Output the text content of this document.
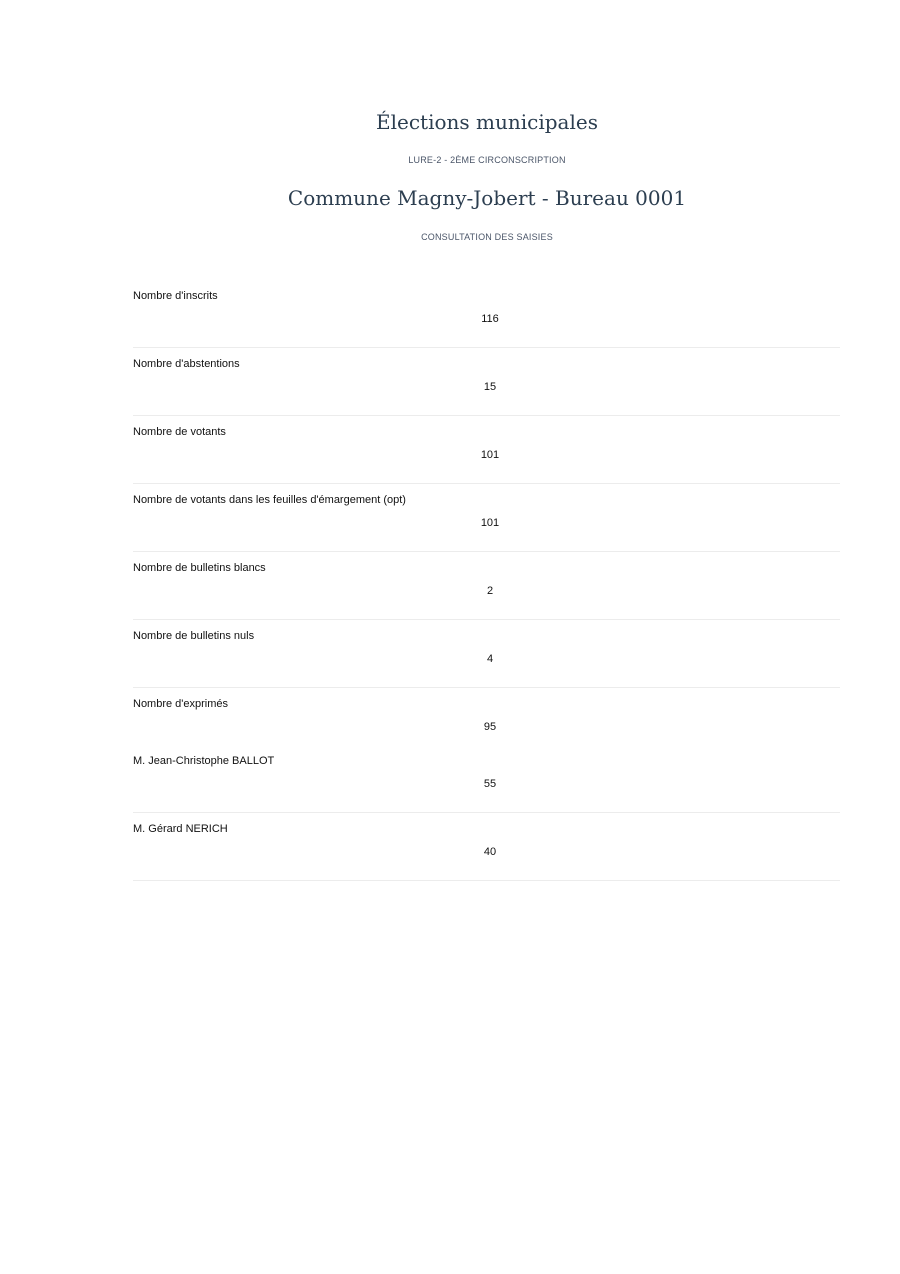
Élections municipales
LURE-2 - 2ÈME CIRCONSCRIPTION
Commune Magny-Jobert - Bureau 0001
CONSULTATION DES SAISIES
Nombre d'inscrits
116
Nombre d'abstentions
15
Nombre de votants
101
Nombre de votants dans les feuilles d'émargement (opt)
101
Nombre de bulletins blancs
2
Nombre de bulletins nuls
4
Nombre d'exprimés
95
M. Jean-Christophe BALLOT
55
M. Gérard NERICH
40
